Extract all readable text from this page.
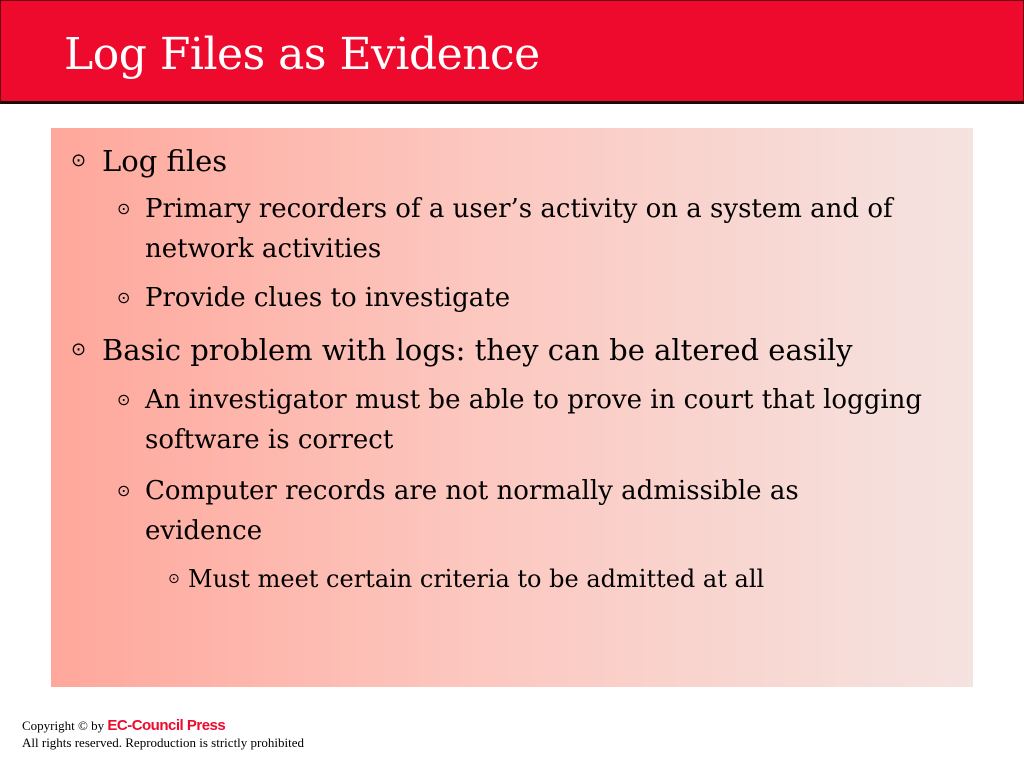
Log Files as Evidence
⊙ Log files
⊙ Primary recorders of a user’s activity on a system and of network activities
⊙ Provide clues to investigate
⊙ Basic problem with logs: they can be altered easily
⊙ An investigator must be able to prove in court that logging software is correct
⊙ Computer records are not normally admissible as evidence
⊙ Must meet certain criteria to be admitted at all
Copyright © by EC-Council Press
All rights reserved. Reproduction is strictly prohibited
